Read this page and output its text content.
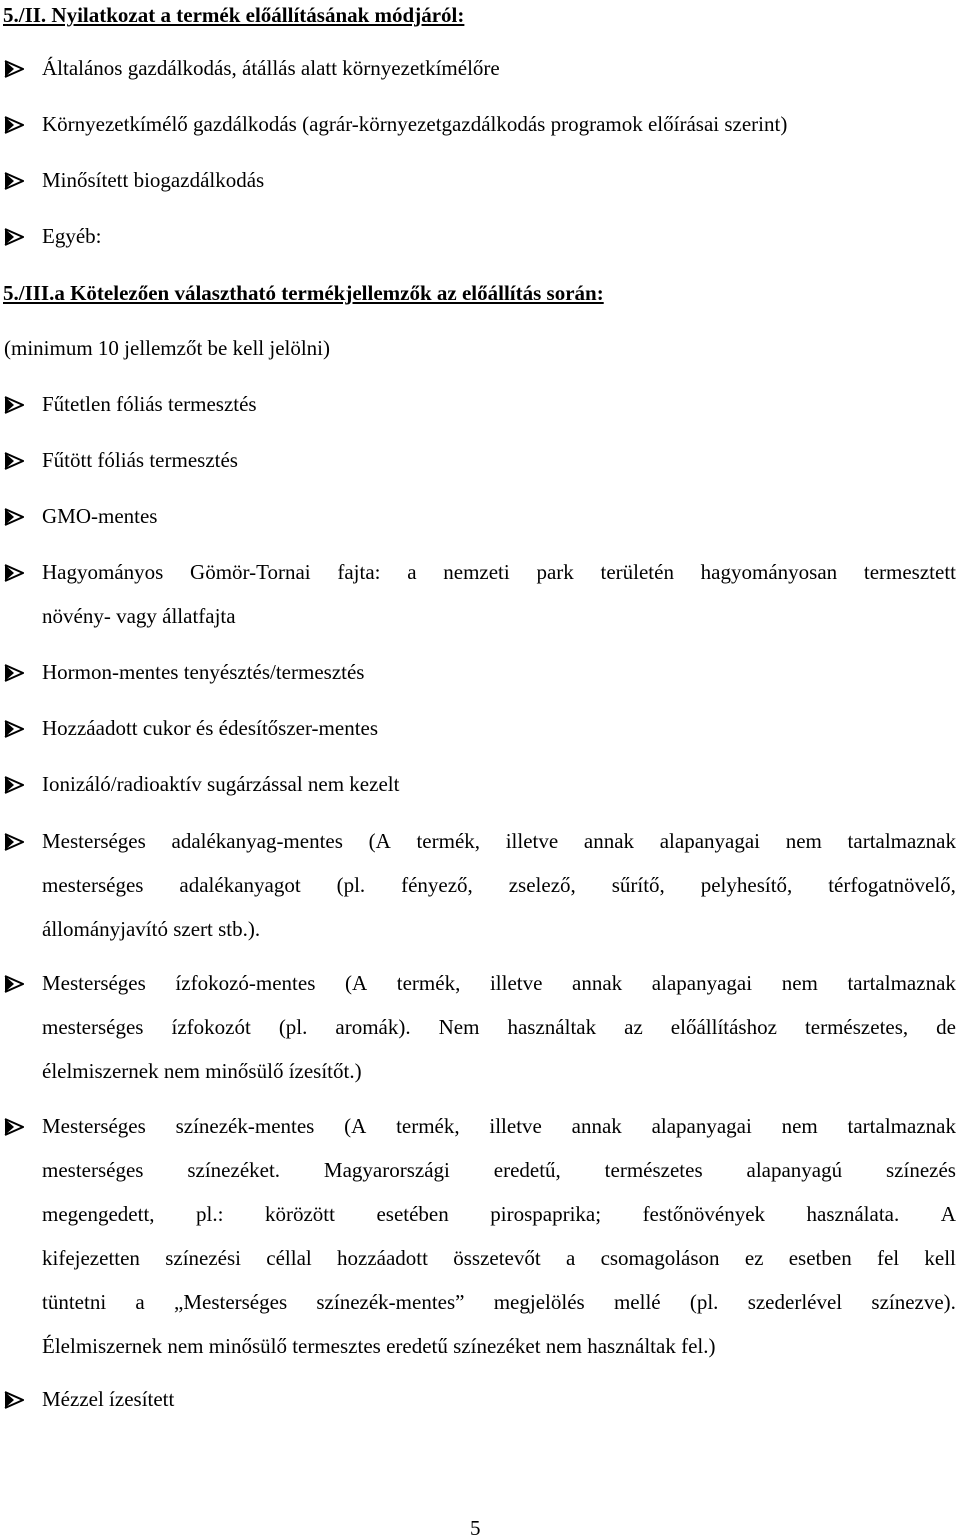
5./II. Nyilatkozat a termék előállításának módjáról:
Általános gazdálkodás, átállás alatt környezetkímélőre
Környezetkímélő gazdálkodás (agrár-környezetgazdálkodás programok előírásai szerint)
Minősített biogazdálkodás
Egyéb:
5./III.a Kötelezően választható termékjellemzők az előállítás során:
(minimum 10 jellemzőt be kell jelölni)
Fűtetlen fóliás termesztés
Fűtött fóliás termesztés
GMO-mentes
Hagyományos Gömör-Tornai fajta: a nemzeti park területén hagyományosan termesztett
növény- vagy állatfajta
Hormon-mentes tenyésztés/termesztés
Hozzáadott cukor és édesítőszer-mentes
Ionizáló/radioaktív sugárzással nem kezelt
Mesterséges adalékanyag-mentes (A termék, illetve annak alapanyagai nem tartalmaznak
mesterséges adalékanyagot (pl. fényező, zselező, sűrítő, pelyhesítő, térfogatnövelő,
állományjavító szert stb.).
Mesterséges ízfokozó-mentes (A termék, illetve annak alapanyagai nem tartalmaznak
mesterséges ízfokozót (pl. aromák). Nem használtak az előállításhoz természetes, de
élelmiszernek nem minősülő ízesítőt.)
Mesterséges színezék-mentes (A termék, illetve annak alapanyagai nem tartalmaznak
mesterséges színezéket. Magyarországi eredetű, természetes alapanyagú színezés
megengedett, pl.: körözött esetében pirospaprika; festőnövények használata. A
kifejezetten színezési céllal hozzáadott összetevőt a csomagoláson ez esetben fel kell
tüntetni a „Mesterséges színezék-mentes” megjelölés mellé (pl. szederlével színezve).
Élelmiszernek nem minősülő termesztes eredetű színezéket nem használtak fel.)
Mézzel ízesített
5
